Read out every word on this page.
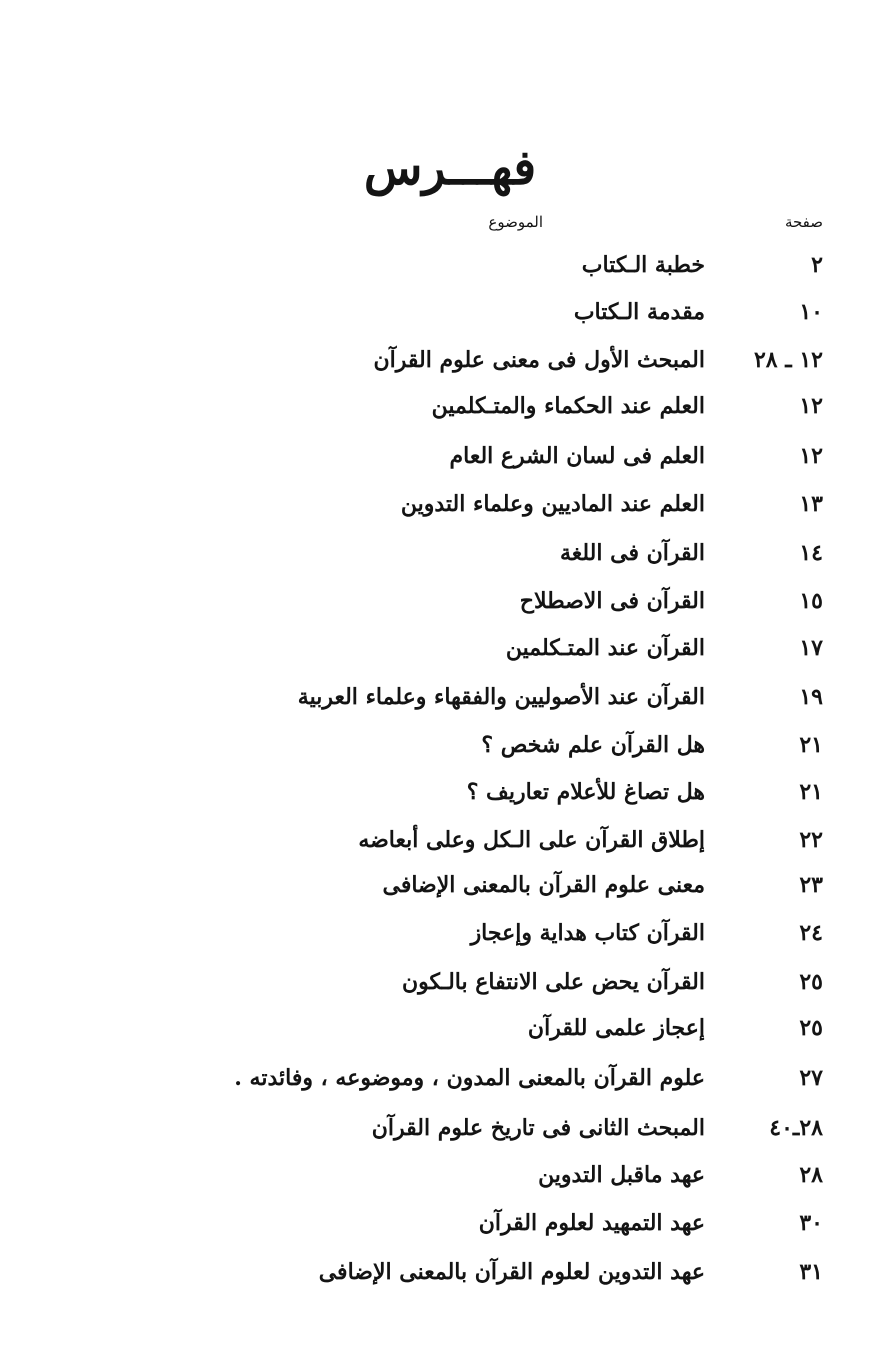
فهـــرس
صفحة
الموضوع
٢
خطبة الـكتاب
١٠
مقدمة الـكتاب
١٢ ـ ٢٨
المبحث الأول فى معنى علوم القرآن
١٢
العلم عند الحكماء والمتـكلمين
١٢
العلم فى لسان الشرع العام
١٣
العلم عند الماديين وعلماء التدوين
١٤
القرآن فى اللغة
١٥
القرآن فى الاصطلاح
١٧
القرآن عند المتـكلمين
١٩
القرآن عند الأصوليين والفقهاء وعلماء العربية
٢١
هل القرآن علم شخص ؟
٢١
هل تصاغ للأعلام تعاريف ؟
٢٢
إطلاق القرآن على الـكل وعلى أبعاضه
٢٣
معنى علوم القرآن بالمعنى الإضافى
٢٤
القرآن كتاب هداية وإعجاز
٢٥
القرآن يحض على الانتفاع بالـكون
٢٥
إعجاز علمى للقرآن
٢٧
علوم القرآن بالمعنى المدون ، وموضوعه ، وفائدته .
٢٨ـ٤٠
المبحث الثانى فى تاريخ علوم القرآن
٢٨
عهد ماقبل التدوين
٣٠
عهد التمهيد لعلوم القرآن
٣١
عهد التدوين لعلوم القرآن بالمعنى الإضافى
